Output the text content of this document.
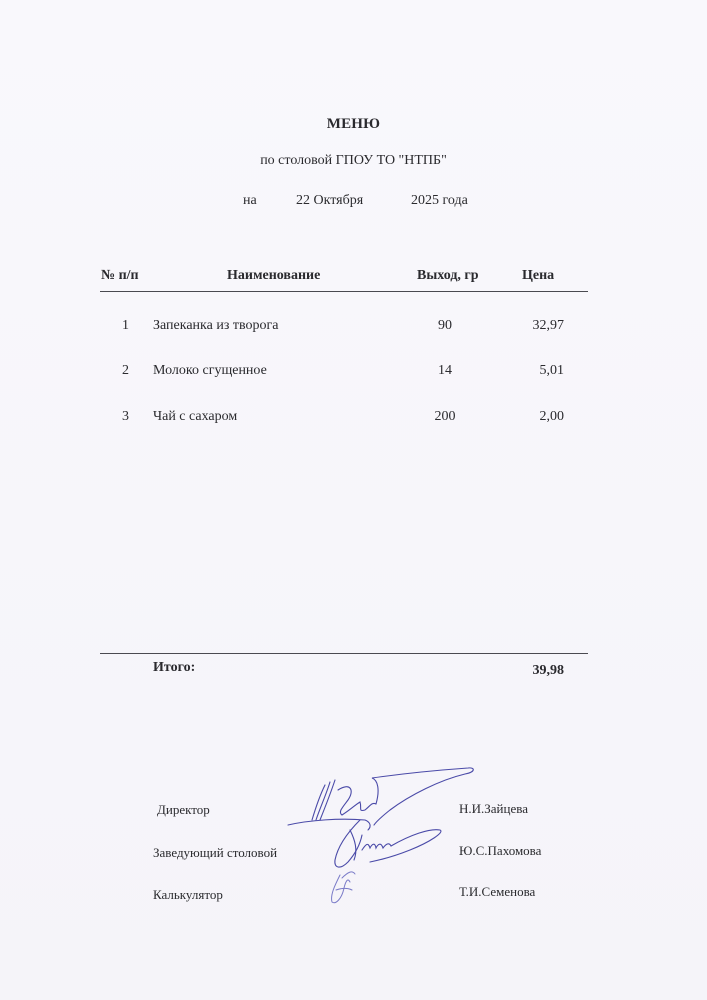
МЕНЮ
по столовой ГПОУ ТО "НТПБ"
на	22 Октября	2025 года
№ п/п	Наименование	Выход, гр	Цена
1 Запеканка из творога	90	32,97
2 Молоко сгущенное	14	5,01
3 Чай с сахаром	200	2,00
Итого:	39,98
Директор	Н.И.Зайцева
Заведующий столовой	Ю.С.Пахомова
Калькулятор	Т.И.Семенова
